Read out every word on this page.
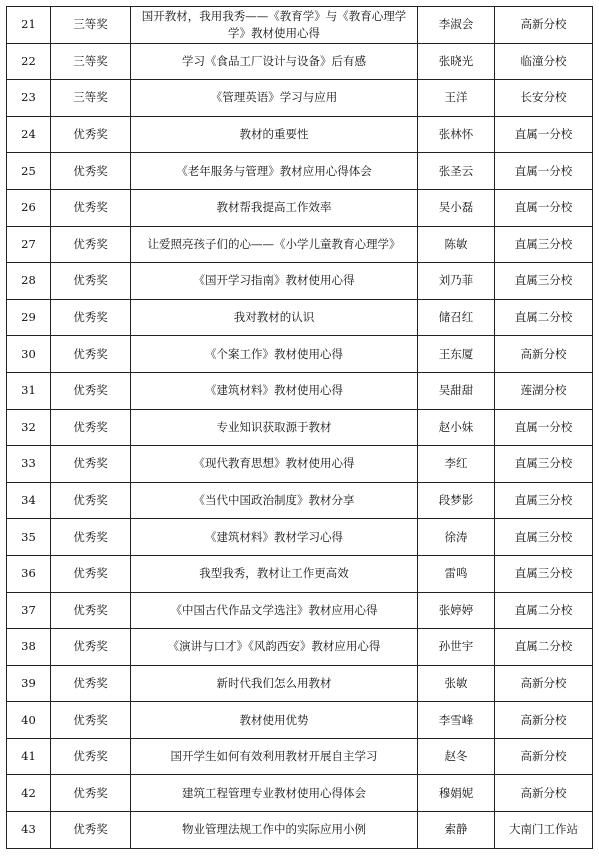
21	三等奖	国开教材，我用我秀——《教育学》与《教育心理学
学》教材使用心得	李淑会	高新分校
22	三等奖	学习《食品工厂设计与设备》后有感	张晓光	临潼分校
23	三等奖	《管理英语》学习与应用	王洋	长安分校
24	优秀奖	教材的重要性	张林怀	直属一分校
25	优秀奖	《老年服务与管理》教材应用心得体会	张圣云	直属一分校
26	优秀奖	教材帮我提高工作效率	吴小磊	直属一分校
27	优秀奖	让爱照亮孩子们的心——《小学儿童教育心理学》	陈敏	直属三分校
28	优秀奖	《国开学习指南》教材使用心得	刘乃菲	直属三分校
29	优秀奖	我对教材的认识	储召红	直属二分校
30	优秀奖	《个案工作》教材使用心得	王东厦	高新分校
31	优秀奖	《建筑材料》教材使用心得	吴甜甜	莲湖分校
32	优秀奖	专业知识获取源于教材	赵小妹	直属一分校
33	优秀奖	《现代教育思想》教材使用心得	李红	直属三分校
34	优秀奖	《当代中国政治制度》教材分享	段梦影	直属三分校
35	优秀奖	《建筑材料》教材学习心得	徐涛	直属三分校
36	优秀奖	我型我秀，教材让工作更高效	雷鸣	直属三分校
37	优秀奖	《中国古代作品文学选注》教材应用心得	张婷婷	直属二分校
38	优秀奖	《演讲与口才》《风韵西安》教材应用心得	孙世宇	直属二分校
39	优秀奖	新时代我们怎么用教材	张敏	高新分校
40	优秀奖	教材使用优势	李雪峰	高新分校
41	优秀奖	国开学生如何有效利用教材开展自主学习	赵冬	高新分校
42	优秀奖	建筑工程管理专业教材使用心得体会	穆娟妮	高新分校
43	优秀奖	物业管理法规工作中的实际应用小例	索静	大南门工作站
